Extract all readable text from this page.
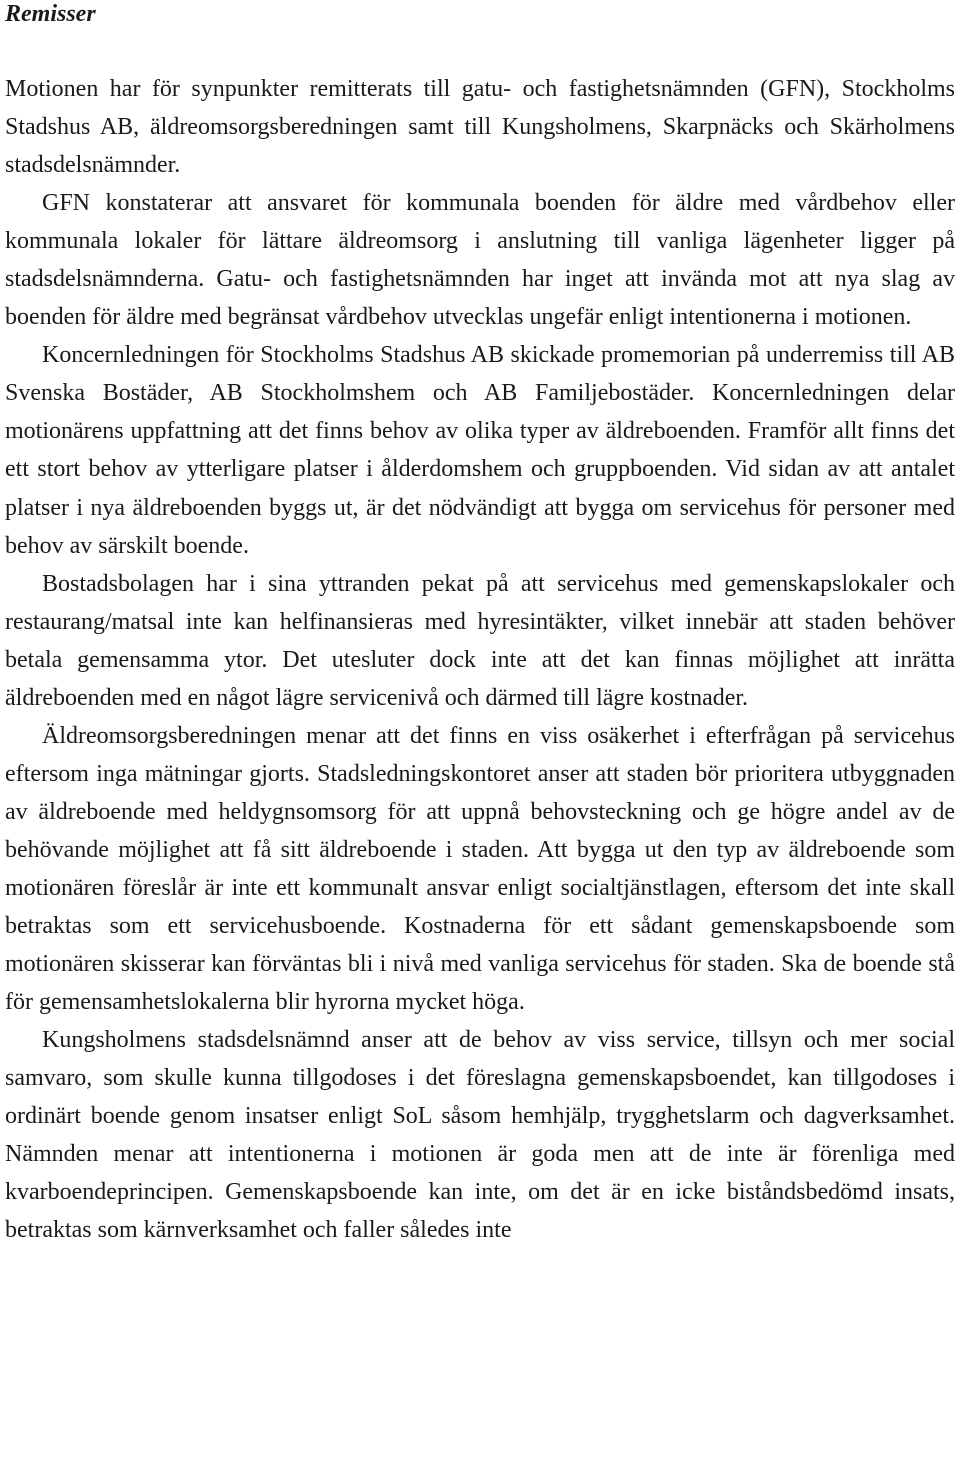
Remisser

Motionen har för synpunkter remitterats till gatu- och fastighetsnämnden (GFN), Stockholms Stadshus AB, äldreomsorgsberedningen samt till Kungsholmens, Skarpnäcks och Skärholmens stadsdelsnämnder.

GFN konstaterar att ansvaret för kommunala boenden för äldre med vårdbehov eller kommunala lokaler för lättare äldreomsorg i anslutning till vanliga lägenheter ligger på stadsdelsnämnderna. Gatu- och fastighetsnämnden har inget att invända mot att nya slag av boenden för äldre med begränsat vårdbehov utvecklas ungefär enligt intentionerna i motionen.

Koncernledningen för Stockholms Stadshus AB skickade promemorian på underremiss till AB Svenska Bostäder, AB Stockholmshem och AB Familjebostäder. Koncernledningen delar motionärens uppfattning att det finns behov av olika typer av äldreboenden. Framför allt finns det ett stort behov av ytterligare platser i ålderdomshem och gruppboenden. Vid sidan av att antalet platser i nya äldreboenden byggs ut, är det nödvändigt att bygga om servicehus för personer med behov av särskilt boende.

Bostadsbolagen har i sina yttranden pekat på att servicehus med gemenskapslokaler och restaurang/matsal inte kan helfinansieras med hyresintäkter, vilket innebär att staden behöver betala gemensamma ytor. Det utesluter dock inte att det kan finnas möjlighet att inrätta äldreboenden med en något lägre servicenivå och därmed till lägre kostnader.

Äldreomsorgsberedningen menar att det finns en viss osäkerhet i efterfrågan på servicehus eftersom inga mätningar gjorts. Stadsledningskontoret anser att staden bör prioritera utbyggnaden av äldreboende med heldygnsomsorg för att uppnå behovsteckning och ge högre andel av de behövande möjlighet att få sitt äldreboende i staden. Att bygga ut den typ av äldreboende som motionären föreslår är inte ett kommunalt ansvar enligt socialtjänstlagen, eftersom det inte skall betraktas som ett servicehusboende. Kostnaderna för ett sådant gemenskapsboende som motionären skisserar kan förväntas bli i nivå med vanliga servicehus för staden. Ska de boende stå för gemensamhetslokalerna blir hyrorna mycket höga.

Kungsholmens stadsdelsnämnd anser att de behov av viss service, tillsyn och mer social samvaro, som skulle kunna tillgodoses i det föreslagna gemenskapsboendet, kan tillgodoses i ordinärt boende genom insatser enligt SoL såsom hemhjälp, trygghetslarm och dagverksamhet. Nämnden menar att intentionerna i motionen är goda men att de inte är förenliga med kvarboendeprincipen. Gemenskapsboende kan inte, om det är en icke biståndsbedömd insats, betraktas som kärnverksamhet och faller således inte
